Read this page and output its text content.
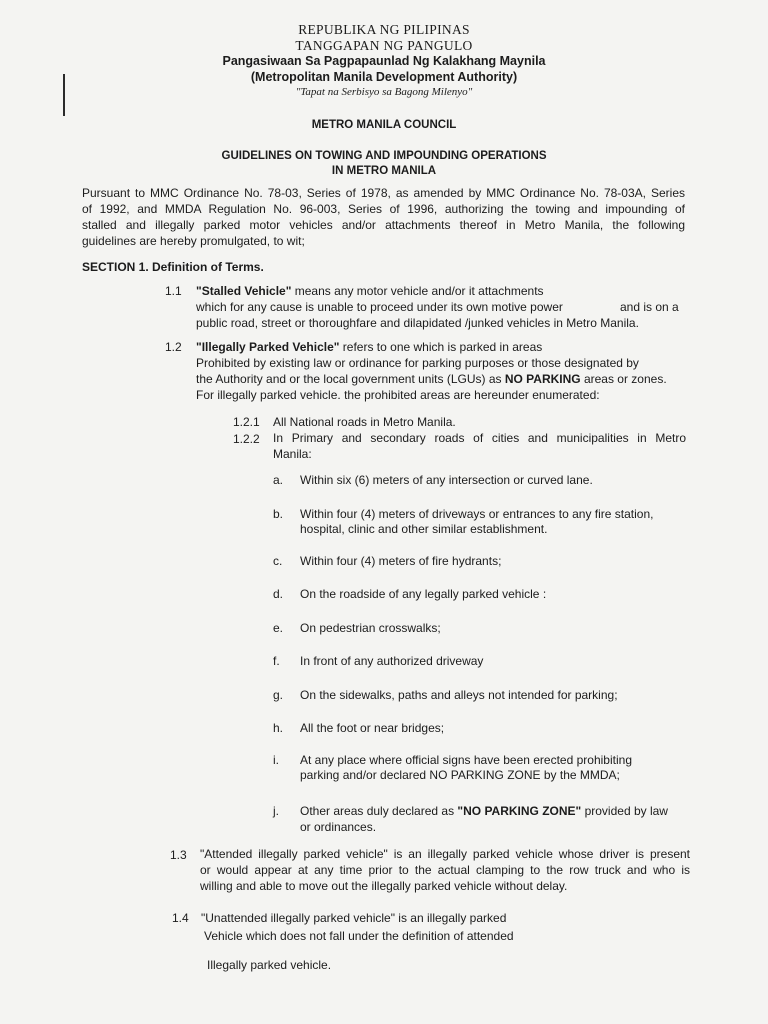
REPUBLIKA NG PILIPINAS
TANGGAPAN NG PANGULO
Pangasiwaan Sa Pagpapaunlad Ng Kalakhang Maynila
(Metropolitan Manila Development Authority)
"Tapat na Serbisyo sa Bagong Milenyo"
METRO MANILA COUNCIL
GUIDELINES ON TOWING AND IMPOUNDING OPERATIONS
IN METRO MANILA
Pursuant to MMC Ordinance No. 78-03, Series of 1978, as amended by MMC Ordinance No. 78-03A, Series
of 1992, and MMDA Regulation No. 96-003, Series of 1996, authorizing the towing and impounding of
stalled and illegally parked motor vehicles and/or attachments thereof in Metro Manila, the following
guidelines are hereby promulgated, to wit;
SECTION 1. Definition of Terms.
1.1 "Stalled Vehicle" means any motor vehicle and/or it attachments
which for any cause is unable to proceed under its own motive power	and is on a
public road, street or thoroughfare and dilapidated /junked vehicles in Metro Manila.
1.2 "Illegally Parked Vehicle" refers to one which is parked in areas
Prohibited by existing law or ordinance for parking purposes or those designated by
the Authority and or the local government units (LGUs) as NO PARKING areas or zones.
For illegally parked vehicle. the prohibited areas are hereunder enumerated:
1.2.1 All National roads in Metro Manila.
1.2.2 In Primary and secondary roads of cities and municipalities in Metro
Manila:
a. Within six (6) meters of any intersection or curved lane.
b. Within four (4) meters of driveways or entrances to any fire station,
hospital, clinic and other similar establishment.
c. Within four (4) meters of fire hydrants;
d. On the roadside of any legally parked vehicle :
e. On pedestrian crosswalks;
f. In front of any authorized driveway
g. On the sidewalks, paths and alleys not intended for parking;
h. All the foot or near bridges;
i. At any place where official signs have been erected prohibiting
parking and/or declared NO PARKING ZONE by the MMDA;
j. Other areas duly declared as "NO PARKING ZONE" provided by law
or ordinances.
1.3 "Attended illegally parked vehicle" is an illegally parked vehicle whose driver is present
or would appear at any time prior to the actual clamping to the row truck and who is
willing and able to move out the illegally parked vehicle without delay.
1.4 "Unattended illegally parked vehicle" is an illegally parked
Vehicle which does not fall under the definition of attended
Illegally parked vehicle.
